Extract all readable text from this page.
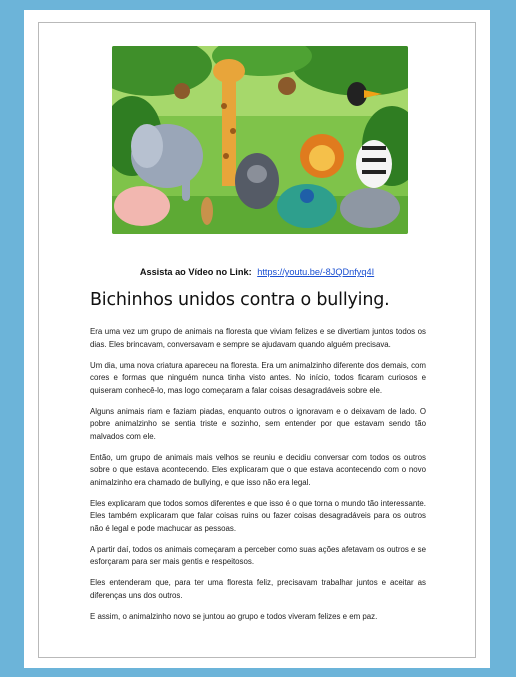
Assista ao Vídeo no Link: https://youtu.be/-8JQDnfyq4I
Bichinhos unidos contra o bullying.

Era uma vez um grupo de animais na floresta que viviam felizes e se divertiam juntos todos os dias. Eles brincavam, conversavam e sempre se ajudavam quando alguém precisava.

Um dia, uma nova criatura apareceu na floresta. Era um animalzinho diferente dos demais, com cores e formas que ninguém nunca tinha visto antes. No início, todos ficaram curiosos e quiseram conhecê-lo, mas logo começaram a falar coisas desagradáveis sobre ele.

Alguns animais riam e faziam piadas, enquanto outros o ignoravam e o deixavam de lado. O pobre animalzinho se sentia triste e sozinho, sem entender por que estavam sendo tão malvados com ele.

Então, um grupo de animais mais velhos se reuniu e decidiu conversar com todos os outros sobre o que estava acontecendo. Eles explicaram que o que estava acontecendo com o novo animalzinho era chamado de bullying, e que isso não era legal.

Eles explicaram que todos somos diferentes e que isso é o que torna o mundo tão interessante. Eles também explicaram que falar coisas ruins ou fazer coisas desagradáveis para os outros não é legal e pode machucar as pessoas.

A partir daí, todos os animais começaram a perceber como suas ações afetavam os outros e se esforçaram para ser mais gentis e respeitosos.

Eles entenderam que, para ter uma floresta feliz, precisavam trabalhar juntos e aceitar as diferenças uns dos outros.

E assim, o animalzinho novo se juntou ao grupo e todos viveram felizes e em paz.
